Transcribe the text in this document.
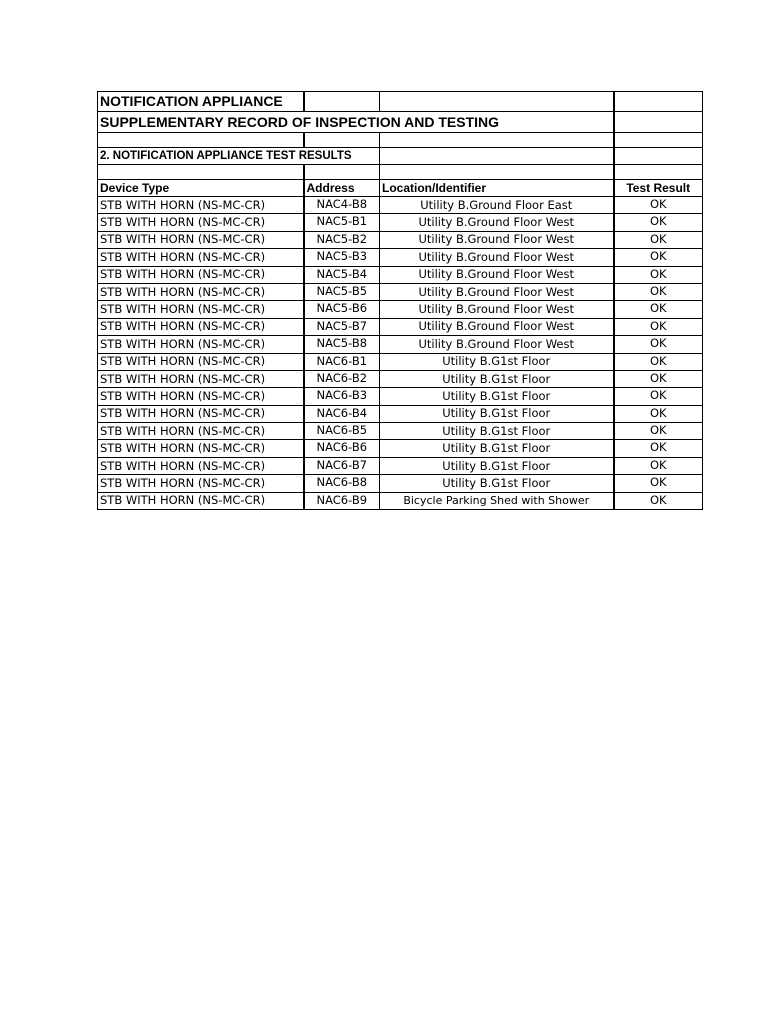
NOTIFICATION APPLIANCE			
SUPPLEMENTARY RECORD OF INSPECTION AND TESTING			

2. NOTIFICATION APPLIANCE TEST RESULTS			

Device Type	Address	Location/Identifier	Test Result
STB WITH HORN (NS-MC-CR)	NAC4-B8	Utility B.Ground Floor East	OK
STB WITH HORN (NS-MC-CR)	NAC5-B1	Utility B.Ground Floor West	OK
STB WITH HORN (NS-MC-CR)	NAC5-B2	Utility B.Ground Floor West	OK
STB WITH HORN (NS-MC-CR)	NAC5-B3	Utility B.Ground Floor West	OK
STB WITH HORN (NS-MC-CR)	NAC5-B4	Utility B.Ground Floor West	OK
STB WITH HORN (NS-MC-CR)	NAC5-B5	Utility B.Ground Floor West	OK
STB WITH HORN (NS-MC-CR)	NAC5-B6	Utility B.Ground Floor West	OK
STB WITH HORN (NS-MC-CR)	NAC5-B7	Utility B.Ground Floor West	OK
STB WITH HORN (NS-MC-CR)	NAC5-B8	Utility B.Ground Floor West	OK
STB WITH HORN (NS-MC-CR)	NAC6-B1	Utility B.G1st Floor	OK
STB WITH HORN (NS-MC-CR)	NAC6-B2	Utility B.G1st Floor	OK
STB WITH HORN (NS-MC-CR)	NAC6-B3	Utility B.G1st Floor	OK
STB WITH HORN (NS-MC-CR)	NAC6-B4	Utility B.G1st Floor	OK
STB WITH HORN (NS-MC-CR)	NAC6-B5	Utility B.G1st Floor	OK
STB WITH HORN (NS-MC-CR)	NAC6-B6	Utility B.G1st Floor	OK
STB WITH HORN (NS-MC-CR)	NAC6-B7	Utility B.G1st Floor	OK
STB WITH HORN (NS-MC-CR)	NAC6-B8	Utility B.G1st Floor	OK
STB WITH HORN (NS-MC-CR)	NAC6-B9	Bicycle Parking Shed with Shower	OK
